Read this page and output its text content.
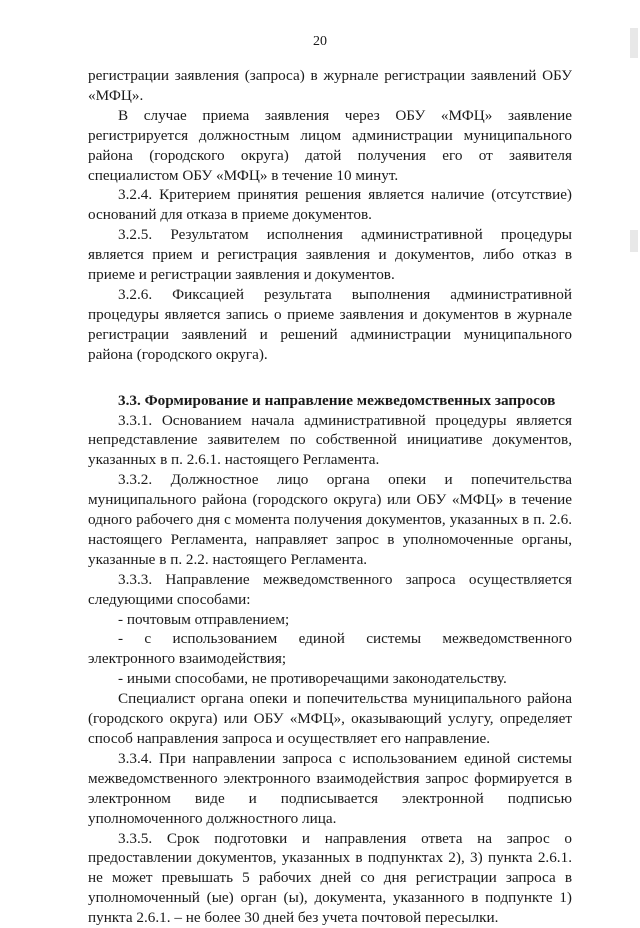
20

регистрации заявления (запроса) в журнале регистрации заявлений ОБУ «МФЦ».

В случае приема заявления через ОБУ «МФЦ» заявление регистрируется должностным лицом администрации муниципального района (городского округа) датой получения его от заявителя специалистом ОБУ «МФЦ» в течение 10 минут.

3.2.4. Критерием принятия решения является наличие (отсутствие) оснований для отказа в приеме документов.

3.2.5. Результатом исполнения административной процедуры является прием и регистрация заявления и документов, либо отказ в приеме и регистрации заявления и документов.

3.2.6. Фиксацией результата выполнения административной процедуры является запись о приеме заявления и документов в журнале регистрации заявлений и решений администрации муниципального района (городского округа).

3.3. Формирование и направление межведомственных запросов

3.3.1. Основанием начала административной процедуры является непредставление заявителем по собственной инициативе документов, указанных в п. 2.6.1. настоящего Регламента.

3.3.2. Должностное лицо органа опеки и попечительства муниципального района (городского округа) или ОБУ «МФЦ» в течение одного рабочего дня с момента получения документов, указанных в п. 2.6. настоящего Регламента, направляет запрос в уполномоченные органы, указанные в п. 2.2. настоящего Регламента.

3.3.3. Направление межведомственного запроса осуществляется следующими способами:

- почтовым отправлением;

- с использованием единой системы межведомственного электронного взаимодействия;

- иными способами, не противоречащими законодательству.

Специалист органа опеки и попечительства муниципального района (городского округа) или ОБУ «МФЦ», оказывающий услугу, определяет способ направления запроса и осуществляет его направление.

3.3.4. При направлении запроса с использованием единой системы межведомственного электронного взаимодействия запрос формируется в электронном виде и подписывается электронной подписью уполномоченного должностного лица.

3.3.5. Срок подготовки и направления ответа на запрос о предоставлении документов, указанных в подпунктах 2), 3) пункта 2.6.1. не может превышать 5 рабочих дней со дня регистрации запроса в уполномоченный (ые) орган (ы), документа, указанного в подпункте 1) пункта 2.6.1. – не более 30 дней без учета почтовой пересылки.
